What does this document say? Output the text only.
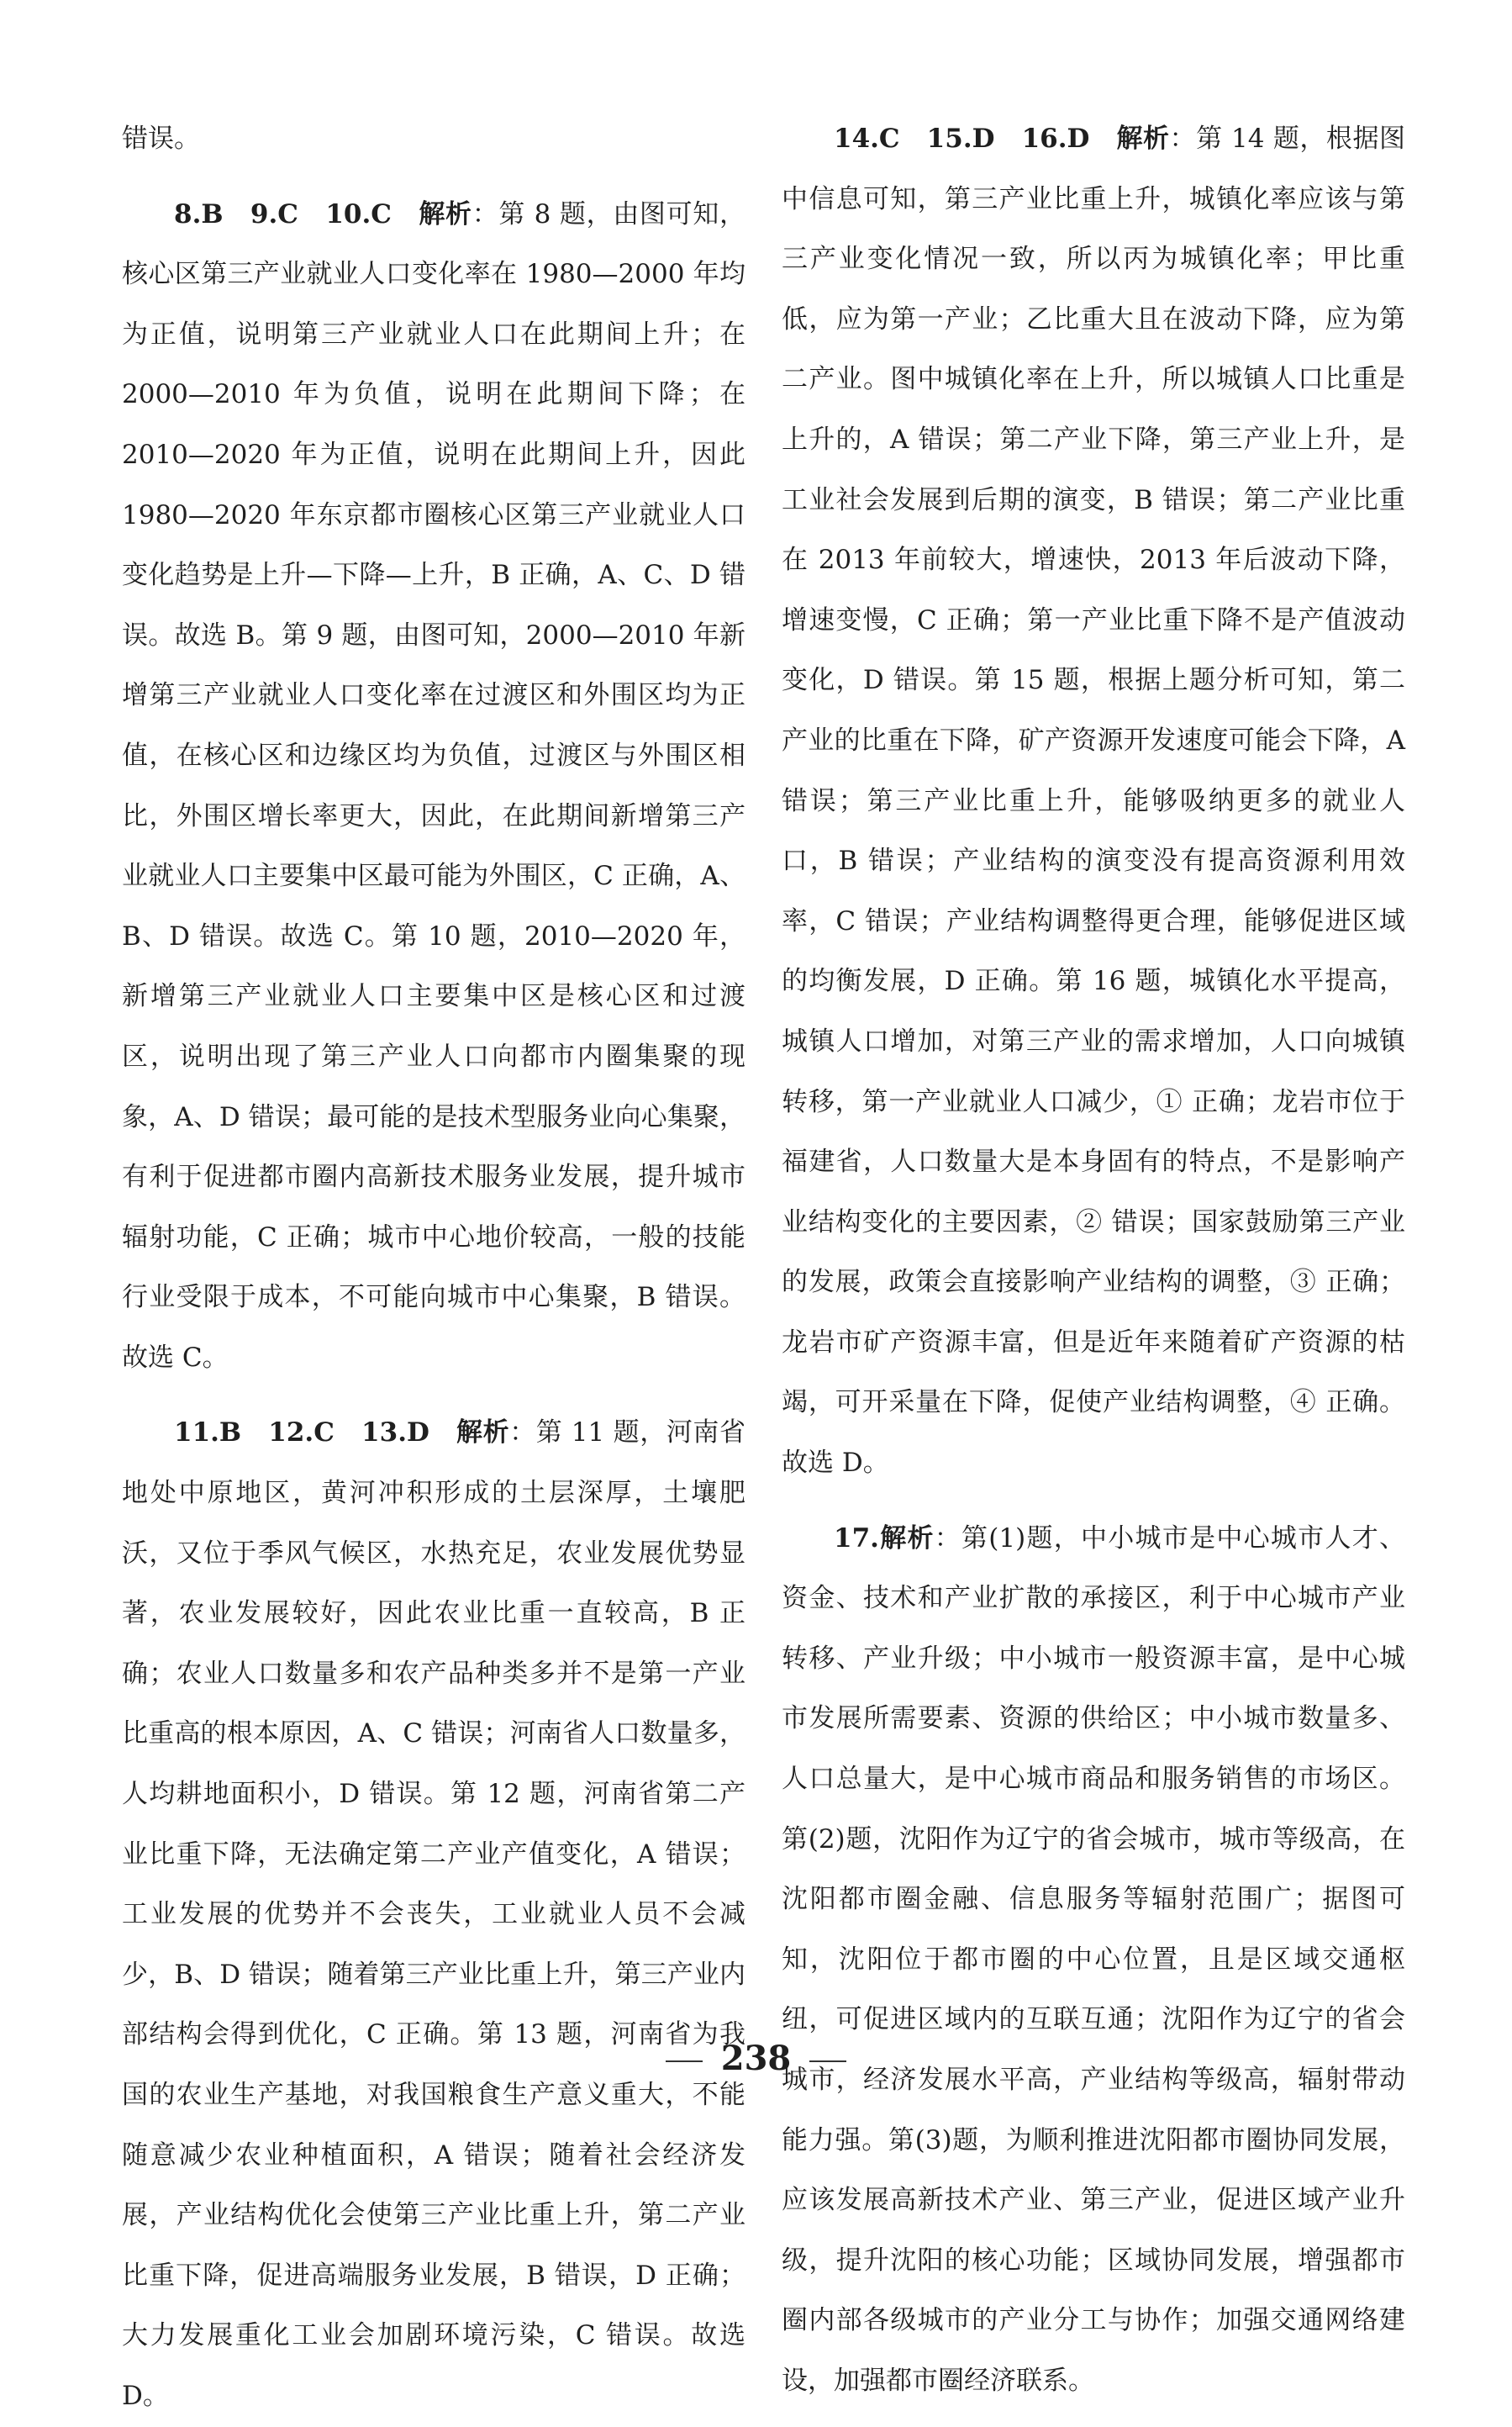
错误。

8.B　9.C　10.C　解析：第 8 题，由图可知，核心区第三产业就业人口变化率在 1980—2000 年均为正值，说明第三产业就业人口在此期间上升；在 2000—2010 年为负值，说明在此期间下降；在 2010—2020 年为正值，说明在此期间上升，因此 1980—2020 年东京都市圈核心区第三产业就业人口变化趋势是上升—下降—上升，B 正确，A、C、D 错误。故选 B。第 9 题，由图可知，2000—2010 年新增第三产业就业人口变化率在过渡区和外围区均为正值，在核心区和边缘区均为负值，过渡区与外围区相比，外围区增长率更大，因此，在此期间新增第三产业就业人口主要集中区最可能为外围区，C 正确，A、B、D 错误。故选 C。第 10 题，2010—2020 年，新增第三产业就业人口主要集中区是核心区和过渡区，说明出现了第三产业人口向都市内圈集聚的现象，A、D 错误；最可能的是技术型服务业向心集聚，有利于促进都市圈内高新技术服务业发展，提升城市辐射功能，C 正确；城市中心地价较高，一般的技能行业受限于成本，不可能向城市中心集聚，B 错误。故选 C。

11.B　12.C　13.D　解析：第 11 题，河南省地处中原地区，黄河冲积形成的土层深厚，土壤肥沃，又位于季风气候区，水热充足，农业发展优势显著，农业发展较好，因此农业比重一直较高，B 正确；农业人口数量多和农产品种类多并不是第一产业比重高的根本原因，A、C 错误；河南省人口数量多，人均耕地面积小，D 错误。第 12 题，河南省第二产业比重下降，无法确定第二产业产值变化，A 错误；工业发展的优势并不会丧失，工业就业人员不会减少，B、D 错误；随着第三产业比重上升，第三产业内部结构会得到优化，C 正确。第 13 题，河南省为我国的农业生产基地，对我国粮食生产意义重大，不能随意减少农业种植面积，A 错误；随着社会经济发展，产业结构优化会使第三产业比重上升，第二产业比重下降，促进高端服务业发展，B 错误，D 正确；大力发展重化工业会加剧环境污染，C 错误。故选 D。

14.C　15.D　16.D　解析：第 14 题，根据图中信息可知，第三产业比重上升，城镇化率应该与第三产业变化情况一致，所以丙为城镇化率；甲比重低，应为第一产业；乙比重大且在波动下降，应为第二产业。图中城镇化率在上升，所以城镇人口比重是上升的，A 错误；第二产业下降，第三产业上升，是工业社会发展到后期的演变，B 错误；第二产业比重在 2013 年前较大，增速快，2013 年后波动下降，增速变慢，C 正确；第一产业比重下降不是产值波动变化，D 错误。第 15 题，根据上题分析可知，第二产业的比重在下降，矿产资源开发速度可能会下降，A 错误；第三产业比重上升，能够吸纳更多的就业人口，B 错误；产业结构的演变没有提高资源利用效率，C 错误；产业结构调整得更合理，能够促进区域的均衡发展，D 正确。第 16 题，城镇化水平提高，城镇人口增加，对第三产业的需求增加，人口向城镇转移，第一产业就业人口减少，① 正确；龙岩市位于福建省，人口数量大是本身固有的特点，不是影响产业结构变化的主要因素，② 错误；国家鼓励第三产业的发展，政策会直接影响产业结构的调整，③ 正确；龙岩市矿产资源丰富，但是近年来随着矿产资源的枯竭，可开采量在下降，促使产业结构调整，④ 正确。故选 D。

17.解析：第(1)题，中小城市是中心城市人才、资金、技术和产业扩散的承接区，利于中心城市产业转移、产业升级；中小城市一般资源丰富，是中心城市发展所需要素、资源的供给区；中小城市数量多、人口总量大，是中心城市商品和服务销售的市场区。第(2)题，沈阳作为辽宁的省会城市，城市等级高，在沈阳都市圈金融、信息服务等辐射范围广；据图可知，沈阳位于都市圈的中心位置，且是区域交通枢纽，可促进区域内的互联互通；沈阳作为辽宁的省会城市，经济发展水平高，产业结构等级高，辐射带动能力强。第(3)题，为顺利推进沈阳都市圈协同发展，应该发展高新技术产业、第三产业，促进区域产业升级，提升沈阳的核心功能；区域协同发展，增强都市圈内部各级城市的产业分工与协作；加强交通网络建设，加强都市圈经济联系。

238
